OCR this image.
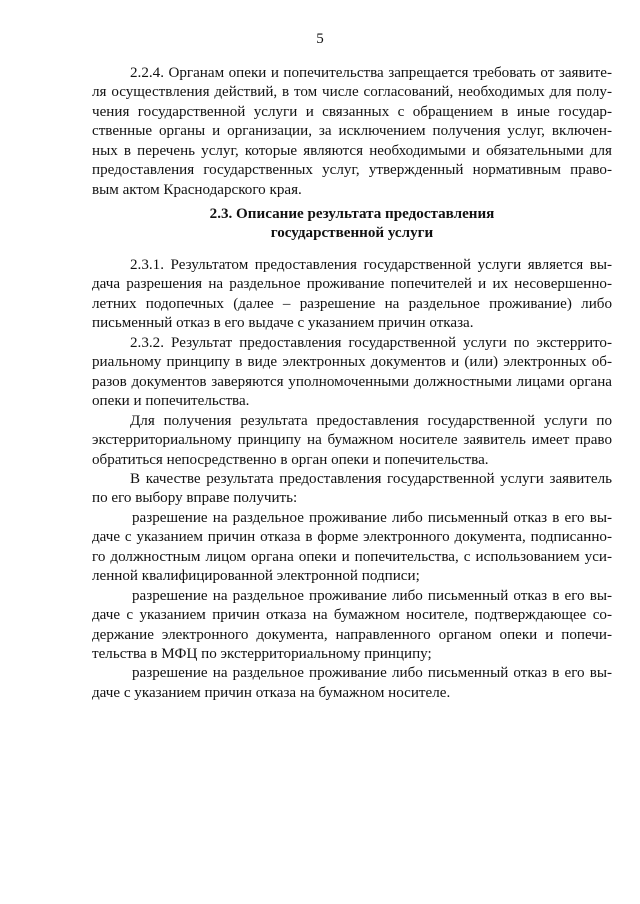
5
2.2.4. Органам опеки и попечительства запрещается требовать от заявите-
ля осуществления действий, в том числе согласований, необходимых для полу-
чения государственной услуги и связанных с обращением в иные государ-
ственные органы и организации, за исключением получения услуг, включен-
ных в перечень услуг, которые являются необходимыми и обязательными для
предоставления государственных услуг, утвержденный нормативным право-
вым актом Краснодарского края.
2.3. Описание результата предоставления
государственной услуги
2.3.1. Результатом предоставления государственной услуги является вы-
дача разрешения на раздельное проживание попечителей и их несовершенно-
летних подопечных (далее – разрешение на раздельное проживание) либо
письменный отказ в его выдаче с указанием причин отказа.
2.3.2. Результат предоставления государственной услуги по экстеррито-
риальному принципу в виде электронных документов и (или) электронных об-
разов документов заверяются уполномоченными должностными лицами органа
опеки и попечительства.
Для получения результата предоставления государственной услуги по
экстерриториальному принципу на бумажном носителе заявитель имеет право
обратиться непосредственно в орган опеки и попечительства.
В качестве результата предоставления государственной услуги заявитель
по его выбору вправе получить:
разрешение на раздельное проживание либо письменный отказ в его вы-
даче с указанием причин отказа в форме электронного документа, подписанно-
го должностным лицом органа опеки и попечительства, с использованием уси-
ленной квалифицированной электронной подписи;
разрешение на раздельное проживание либо письменный отказ в его вы-
даче с указанием причин отказа на бумажном носителе, подтверждающее со-
держание электронного документа, направленного органом опеки и попечи-
тельства в МФЦ по экстерриториальному принципу;
разрешение на раздельное проживание либо письменный отказ в его вы-
даче с указанием причин отказа на бумажном носителе.
